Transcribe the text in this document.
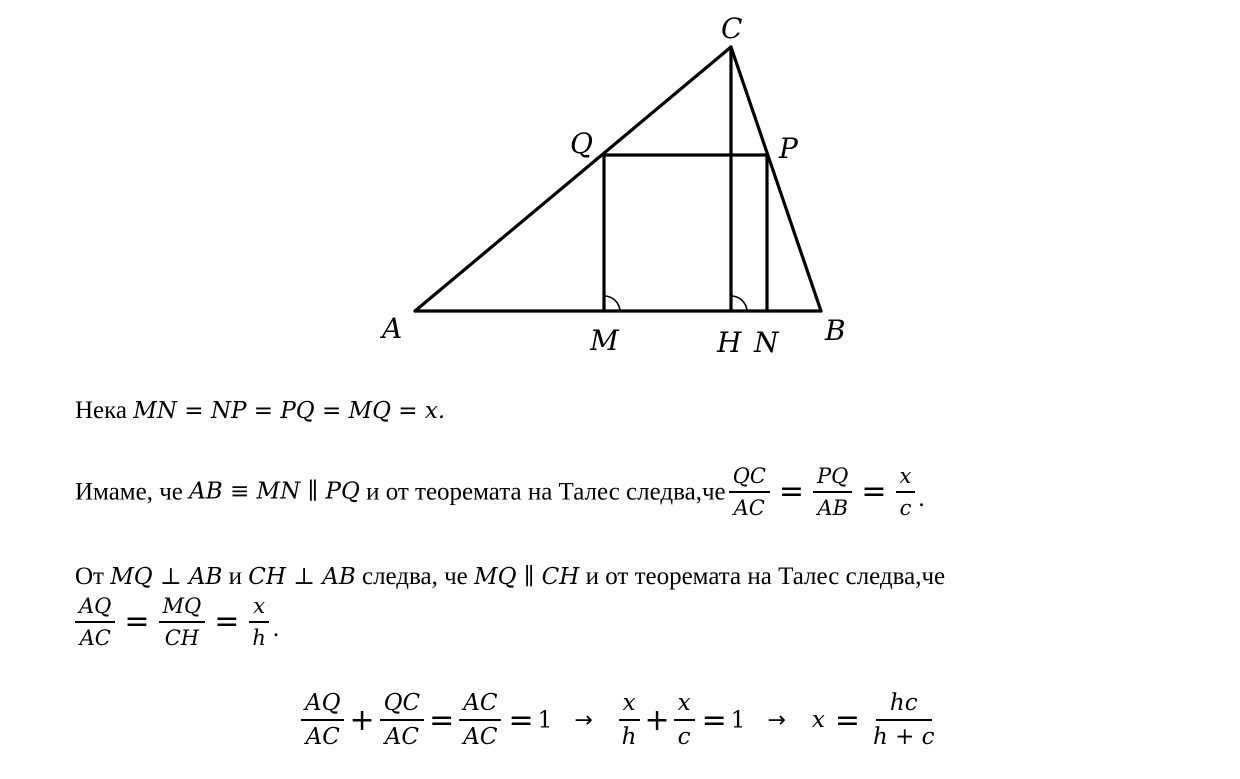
A	B
C
M	H N
P
Q
Нека MN = NP = PQ = MQ = x.
Имаме, че AB ≡ MN ∥ PQ и от теоремата на Талес следва,че $\frac{QC}{AC} = \frac{PQ}{AB} = \frac{x}{c}$ .
От MQ ⊥ AB и CH ⊥ AB следва, че MQ ∥ CH и от теоремата на Талес следва,че
$\frac{AQ}{AC} = \frac{MQ}{CH} = \frac{x}{h}$ .
$\frac{AQ}{AC} + \frac{QC}{AC} = \frac{AC}{AC} = 1 \to \frac{x}{h} + \frac{x}{c} = 1 \to x = \frac{hc}{h + c}$
